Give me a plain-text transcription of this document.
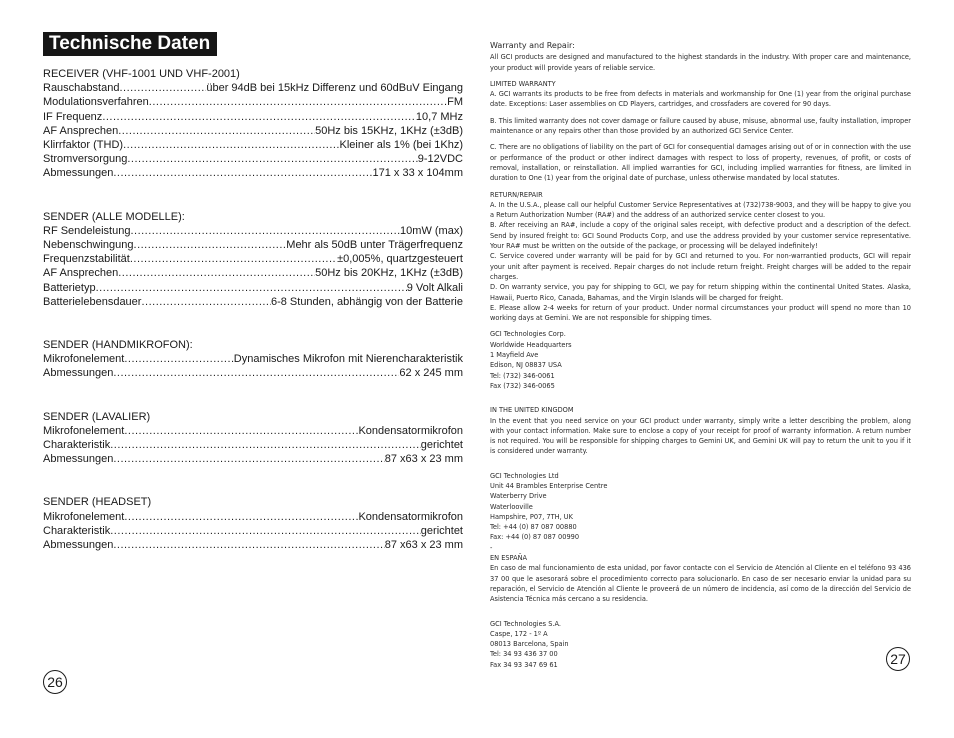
Technische Daten
RECEIVER (VHF-1001 UND VHF-2001)
Rauschabstand .....	über 94dB bei 15kHz Differenz und 60dBuV Eingang
Modulationsverfahren .....	FM
IF Frequenz .....	10,7 MHz
AF Ansprechen .....	50Hz bis 15KHz, 1KHz (±3dB)
Klirrfaktor (THD) .....	Kleiner als 1% (bei 1Khz)
Stromversorgung .....	9-12VDC
Abmessungen .....	171 x 33 x 104mm
SENDER (ALLE MODELLE):
RF Sendeleistung .....	10mW (max)
Nebenschwingung .....	Mehr als 50dB unter Trägerfrequenz
Frequenzstabilität .....	±0,005%, quartzgesteuert
AF Ansprechen .....	50Hz bis 20KHz, 1KHz (±3dB)
Batterietyp .....	9 Volt Alkali
Batterielebensdauer .....	6-8 Stunden, abhängig von der Batterie
SENDER (HANDMIKROFON):
Mikrofonelement .....	Dynamisches Mikrofon mit Nierencharakteristik
Abmessungen .....	62 x 245 mm
SENDER (LAVALIER)
Mikrofonelement .....	Kondensatormikrofon
Charakteristik .....	gerichtet
Abmessungen .....	87 x63 x 23 mm
SENDER (HEADSET)
Mikrofonelement .....	Kondensatormikrofon
Charakteristik .....	gerichtet
Abmessungen .....	87 x63 x 23 mm

Warranty and Repair:

All GCI products are designed and manufactured to the highest standards in the industry. With proper care and maintenance, your product will provide years of reliable service.

LIMITED WARRANTY

A. GCI warrants its products to be free from defects in materials and workmanship for One (1) year from the original purchase date. Exceptions: Laser assemblies on CD Players, cartridges, and crossfaders are covered for 90 days.

B. This limited warranty does not cover damage or failure caused by abuse, misuse, abnormal use, faulty installation, improper maintenance or any repairs other than those provided by an authorized GCI Service Center.

C. There are no obligations of liability on the part of GCI for consequential damages arising out of or in connection with the use or performance of the product or other indirect damages with respect to loss of property, revenues, of profit, or costs of removal, installation, or reinstallation. All implied warranties for GCI, including implied warranties for fitness, are limited in duration to One (1) year from the original date of purchase, unless otherwise mandated by local statutes.

RETURN/REPAIR

A. In the U.S.A., please call our helpful Customer Service Representatives at (732)738-9003, and they will be happy to give you a Return Authorization Number (RA#) and the address of an authorized service center closest to you.

B. After receiving an RA#, include a copy of the original sales receipt, with defective product and a description of the defect. Send by insured freight to: GCI Sound Products Corp, and use the address provided by your customer service representative. Your RA# must be written on the outside of the package, or processing will be delayed indefinitely!

C. Service covered under warranty will be paid for by GCI and returned to you. For non-warrantied products, GCI will repair your unit after payment is received. Repair charges do not include return freight. Freight charges will be added to the repair charges.

D. On warranty service, you pay for shipping to GCI, we pay for return shipping within the continental United States. Alaska, Hawaii, Puerto Rico, Canada, Bahamas, and the Virgin Islands will be charged for freight.

E. Please allow 2-4 weeks for return of your product. Under normal circumstances your product will spend no more than 10 working days at Gemini. We are not responsible for shipping times.

GCI Technologies Corp.

Worldwide Headquarters

1 Mayfield Ave

Edison, NJ 08837 USA

Tel: (732) 346-0061

Fax (732) 346-0065

IN THE UNITED KINGDOM

In the event that you need service on your GCI product under warranty, simply write a letter describing the problem, along with your contact information. Make sure to enclose a copy of your receipt for proof of warranty information. A return number is not required. You will be responsible for shipping charges to Gemini UK, and Gemini UK will pay to return the unit to you if it is considered under warranty.

GCI Technologies Ltd

Unit 44 Brambles Enterprise Centre

Waterberry Drive

Waterlooville

Hampshire, P07, 7TH, UK

Tel: +44 (0) 87 087 00880

Fax: +44 (0) 87 087 00990

-

EN ESPAÑA

En caso de mal funcionamiento de esta unidad, por favor contacte con el Servicio de Atención al Cliente en el teléfono 93 436 37 00 que le asesorará sobre el procedimiento correcto para solucionarlo. En caso de ser necesario enviar la unidad para su reparación, el Servicio de Atención al Cliente le proveerá de un número de incidencia, así como de la dirección del Servicio de Asistencia Técnica más cercano a su residencia.

GCI Technologies S.A.

Caspe, 172 - 1º A

08013 Barcelona, Spain

Tel: 34 93 436 37 00

Fax 34 93 347 69 61

26
27
